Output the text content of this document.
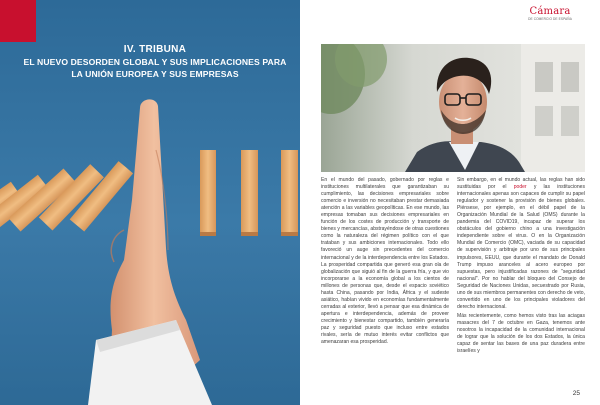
IV. TRIBUNA
EL NUEVO DESORDEN GLOBAL Y SUS IMPLICACIONES PARA
LA UNIÓN EUROPEA Y SUS EMPRESAS
Cámara
DE COMERCIO DE ESPAÑA

En el mundo del pasado, gobernado por reglas e instituciones multilaterales que garantizaban su cumplimiento, las decisiones empresariales sobre comercio e inversión no necesitaban prestar demasiada atención a las variables geopolíticas. En ese mundo, las empresas tomaban sus decisiones empresariales en función de los costes de producción y transporte de bienes y mercancías, abstrayéndose de otras cuestiones como la naturaleza del régimen político con el que trataban y sus ambiciones internacionales. Todo ello favoreció un auge sin precedentes del comercio internacional y de la interdependencia entre los Estados. La prosperidad compartida que generó esa gran ola de globalización que siguió al fin de la guerra fría, y que vio incorporarse a la economía global a los cientos de millones de personas que, desde el espacio soviético hasta China, pasando por India, África y el sudeste asiático, habían vivido en economías fundamentalmente cerradas al exterior, llevó a pensar que esa dinámica de apertura e interdependencia, además de proveer crecimiento y bienestar compartido, también generaría paz y seguridad puesto que incluso entre estados rivales, sería de mutuo interés evitar conflictos que amenazaran esa prosperidad.

Sin embargo, en el mundo actual, las reglas han sido sustituidas por el poder y las instituciones internacionales apenas son capaces de cumplir su papel regulador y sostener la provisión de bienes globales. Piénsese, por ejemplo, en el débil papel de la Organización Mundial de la Salud (OMS) durante la pandemia del COVID19, incapaz de superar los obstáculos del gobierno chino a una investigación independiente sobre el virus. O en la Organización Mundial de Comercio (OMC), vaciada de su capacidad de supervisión y arbitraje por uno de sus principales impulsores, EEUU, que durante el mandato de Donald Trump impuso aranceles al acero europeo por supuestas, pero injustificadas razones de "seguridad nacional". Por no hablar del bloqueo del Consejo de Seguridad de Naciones Unidas, secuestrado por Rusia, uno de sus miembros permanentes con derecho de veto, convertido en uno de los principales violadores del derecho internacional.

Más recientemente, como hemos visto tras las aciagas masacres del 7 de octubre en Gaza, tenemos ante nosotros la incapacidad de la comunidad internacional de lograr que la solución de los dos Estados, la única capaz de sentar las bases de una paz duradera entre israelíes y

25
